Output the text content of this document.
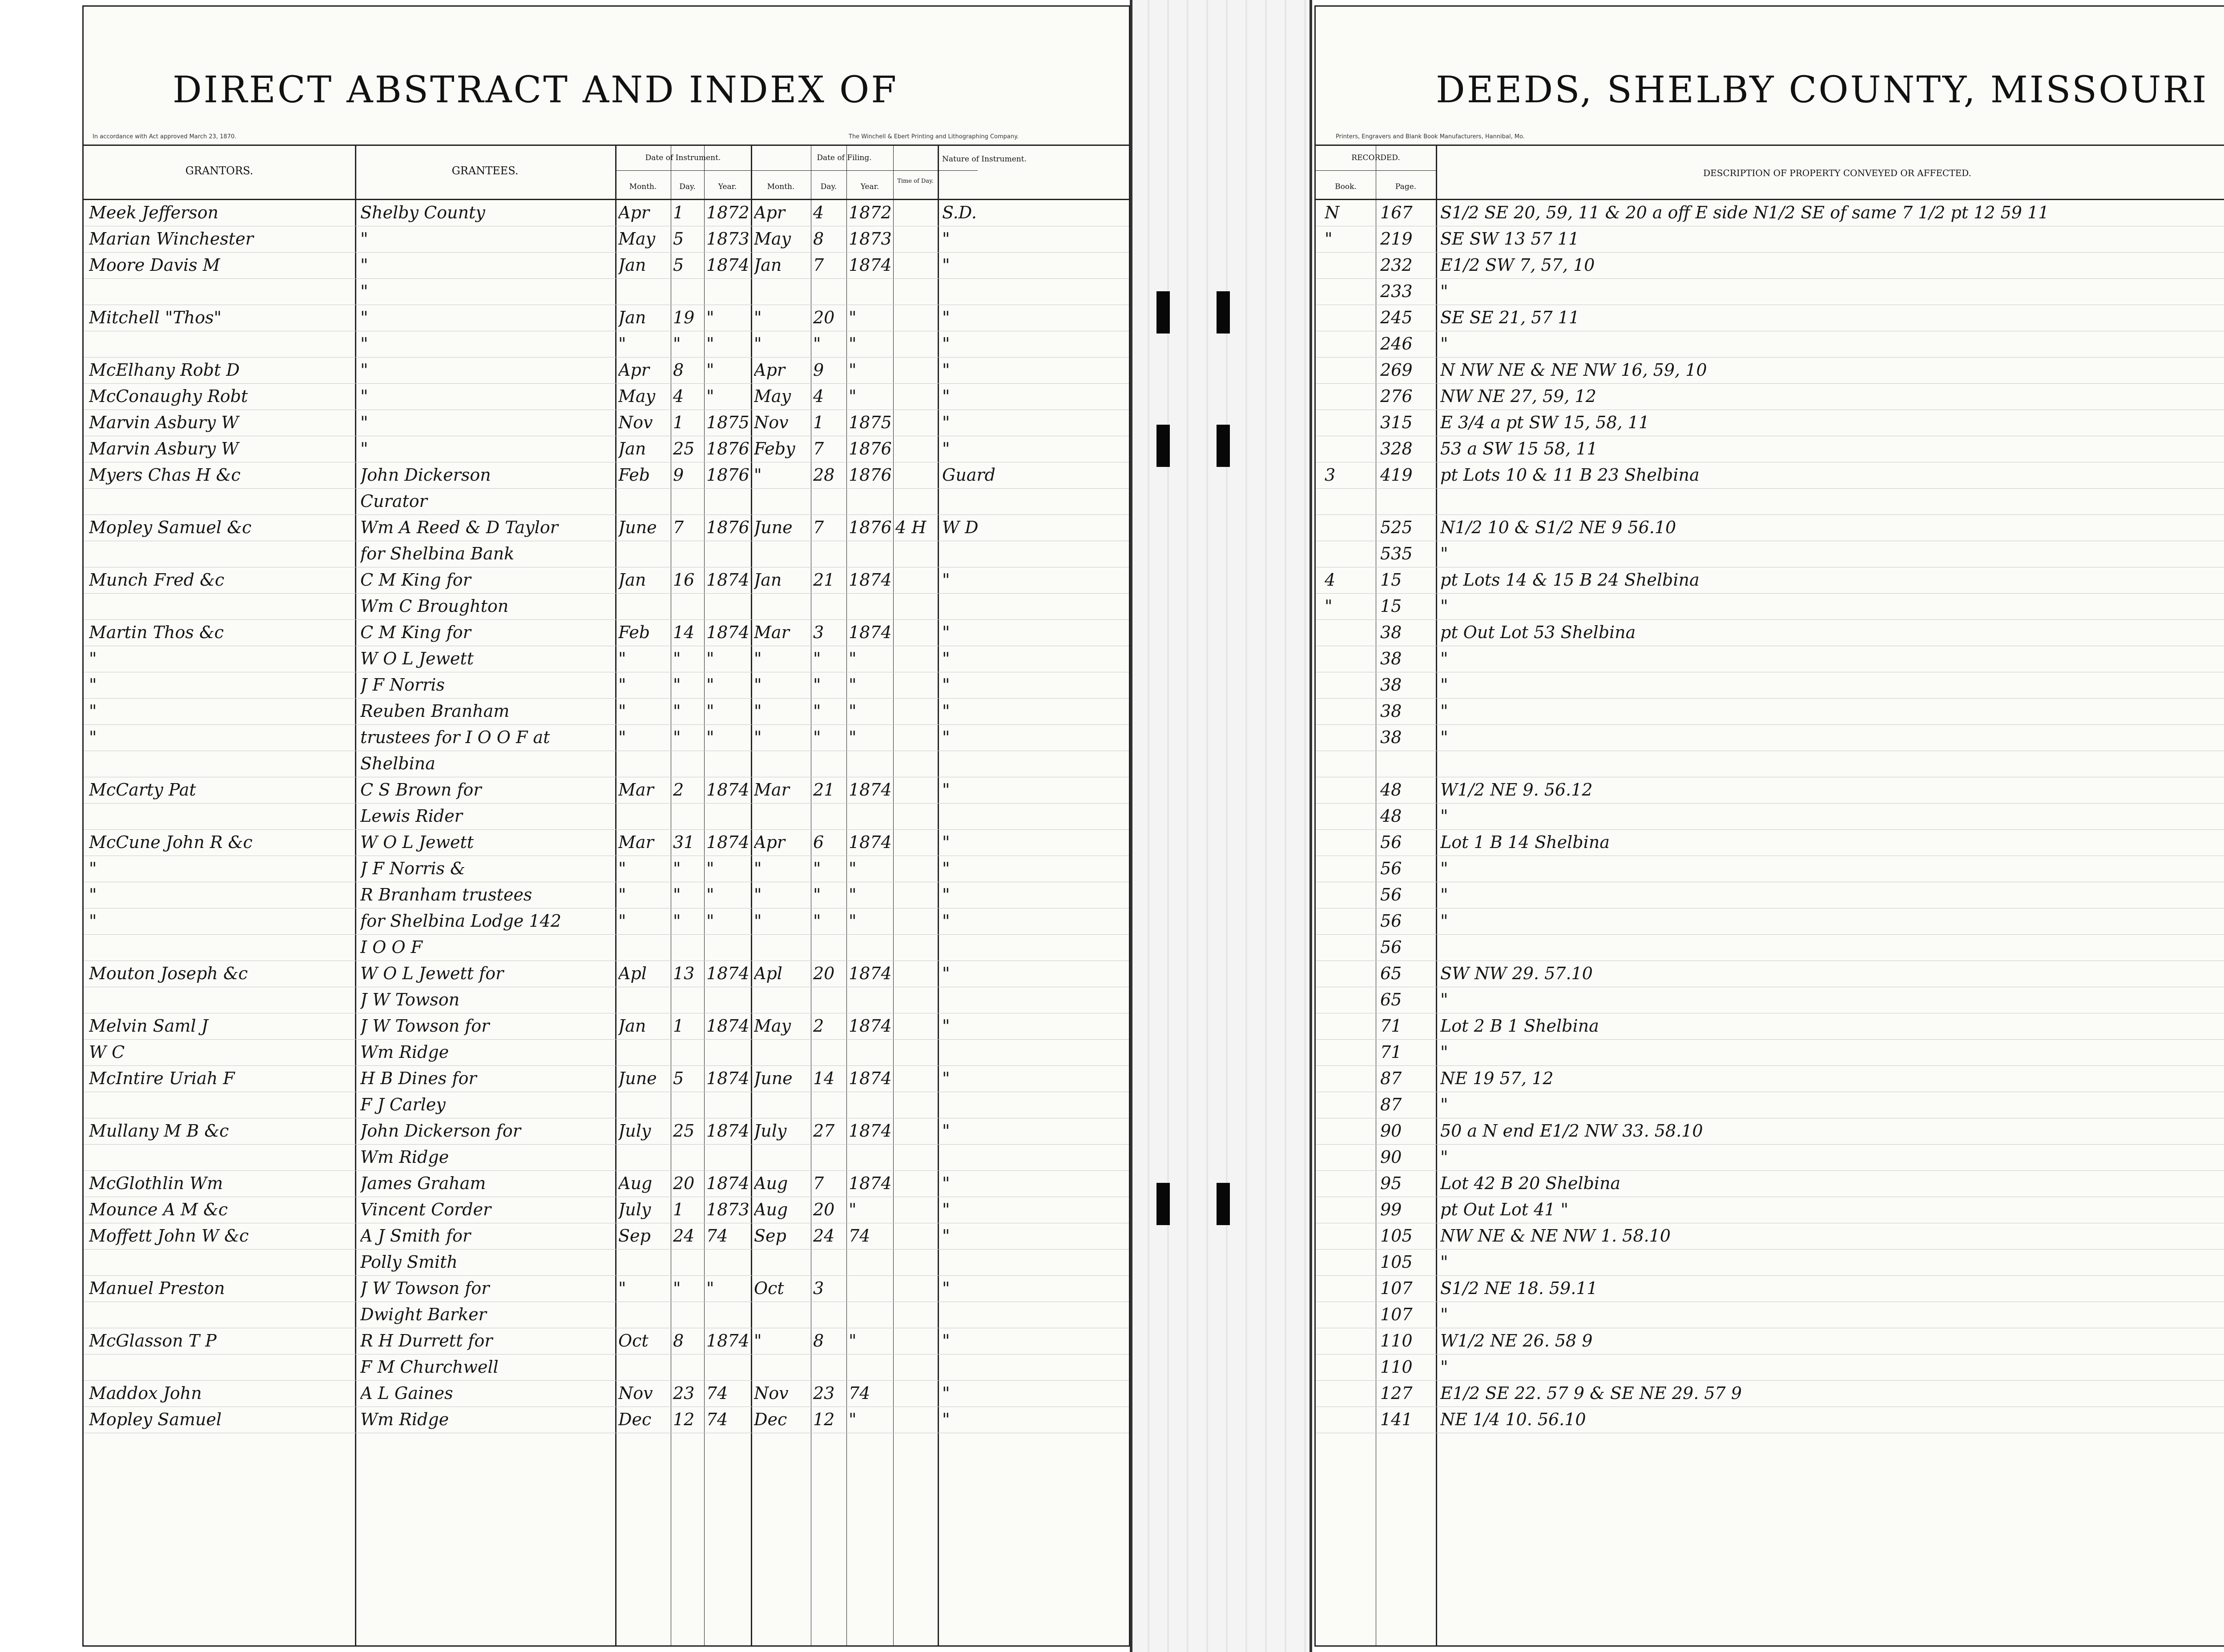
DIRECT ABSTRACT AND INDEX OF
In accordance with Act approved March 23, 1870.	The Winchell & Ebert Printing and Lithographing Company.
GRANTORS.	GRANTEES.
Date of Instrument.	Date of Filing.
Month.	Day.	Year.	Month.	Day.	Year.
Time of Day.
Nature of Instrument.
Meek Jefferson	Shelby County	Apr	1	1872 Apr	4	1872	S.D.
Marian Winchester	"	May	5	1873 May	8	1873	"
Moore Davis M	"	Jan	5	1874 Jan	7	1874	"
"
Mitchell "Thos"	"	Jan	19 "	"	20 "	"
"	"	"	"	"	"	"	"
McElhany Robt D	"	Apr	8	"	Apr	9	"	"
McConaughy Robt	"	May	4	"	May	4	"	"
Marvin Asbury W	"	Nov	1	1875 Nov	1	1875	"
Marvin Asbury W	"	Jan	25 1876 Feby	7	1876	"
Myers Chas H &c	John Dickerson	Feb	9	1876 "	28 1876	Guard
Curator
Mopley Samuel &c	Wm A Reed & D Taylor	June 7	1876 June	7	1876 4 H W D
for Shelbina Bank
Munch Fred &c	C M King for	Jan	16 1874 Jan	21 1874	"
Wm C Broughton
Martin Thos &c	C M King for	Feb	14 1874 Mar	3	1874	"
"	W O L Jewett	"	"	"	"	"	"	"
"	J F Norris	"	"	"	"	"	"	"
"	Reuben Branham	"	"	"	"	"	"	"
"	trustees for I O O F at	"	"	"	"	"	"	"
Shelbina
McCarty Pat	C S Brown for	Mar	2	1874 Mar	21 1874	"
Lewis Rider
McCune John R &c	W O L Jewett	Mar	31 1874 Apr	6	1874	"
"	J F Norris &	"	"	"	"	"	"	"
"	R Branham trustees	"	"	"	"	"	"	"
"	for Shelbina Lodge 142	"	"	"	"	"	"	"
I O O F
Mouton Joseph &c	W O L Jewett for	Apl	13 1874 Apl	20 1874	"
J W Towson
Melvin Saml J	J W Towson for	Jan	1	1874 May	2	1874	"
W C	Wm Ridge
McIntire Uriah F	H B Dines for	June 5	1874 June	14 1874	"
F J Carley
Mullany M B &c	John Dickerson for	July	25 1874 July	27 1874	"
Wm Ridge
McGlothlin Wm	James Graham	Aug	20 1874 Aug	7	1874	"
Mounce A M &c	Vincent Corder	July	1	1873 Aug	20 "	"
Moffett John W &c	A J Smith for	Sep	24 74	Sep	24 74	"
Polly Smith
Manuel Preston	J W Towson for	"	"	"	Oct	3	"
Dwight Barker
McGlasson T P	R H Durrett for	Oct	8	1874 "	8	"	"
F M Churchwell
Maddox John	A L Gaines	Nov	23 74	Nov	23 74	"
Mopley Samuel	Wm Ridge	Dec	12 74	Dec	12 "	"
DEEDS, SHELBY COUNTY, MISSOURI
Printers, Engravers and Blank Book Manufacturers, Hannibal, Mo.
RECORDED.
Book.	Page.
DESCRIPTION OF PROPERTY CONVEYED OR AFFECTED.
N	167	S1/2 SE 20, 59, 11 & 20 a off E side N1/2 SE of same 7 1/2 pt 12 59 11
"	219	SE SW 13 57 11
232	E1/2 SW 7, 57, 10
233	"
245	SE SE 21, 57 11
246	"
269	N NW NE & NE NW 16, 59, 10
276	NW NE 27, 59, 12
315	E 3/4 a pt SW 15, 58, 11
328	53 a SW 15 58, 11
3	419	pt Lots 10 & 11 B 23 Shelbina
525	N1/2 10 & S1/2 NE 9 56.10
535	"
4	15	pt Lots 14 & 15 B 24 Shelbina
"	15	"
38	pt Out Lot 53 Shelbina
38	"
38	"
38	"
38	"
48	W1/2 NE 9. 56.12
48	"
56	Lot 1 B 14 Shelbina
56	"
56	"
56	"
56
65	SW NW 29. 57.10
65	"
71	Lot 2 B 1 Shelbina
71	"
87	NE 19 57, 12
87	"
90	50 a N end E1/2 NW 33. 58.10
90	"
95	Lot 42 B 20 Shelbina
99	pt Out Lot 41 "
105	NW NE & NE NW 1. 58.10
105	"
107	S1/2 NE 18. 59.11
107	"
110	W1/2 NE 26. 58 9
110	"
127	E1/2 SE 22. 57 9 & SE NE 29. 57 9
141	NE 1/4 10. 56.10
